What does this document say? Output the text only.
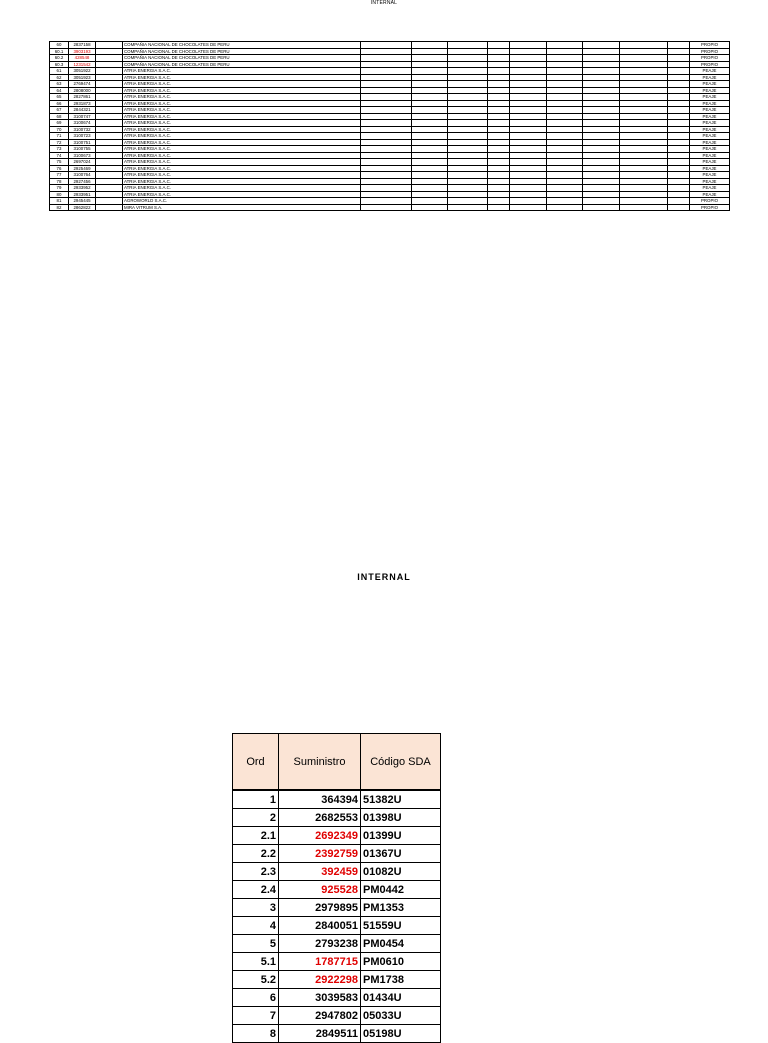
INTERNAL
60	2837158		COMPAÑIA NACIONAL DE CHOCOLATES DE PERU										PROPIO
60.1	3903193		COMPAÑIA NACIONAL DE CHOCOLATES DE PERU										PROPIO
60.2	428548		COMPAÑIA NACIONAL DE CHOCOLATES DE PERU										PROPIO
60.3	1231542		COMPAÑIA NACIONAL DE CHOCOLATES DE PERU										PROPIO
61	3051922		ATRIA ENERGIA S.A.C.										PEAJE
62	3051923		ATRIA ENERGIA S.A.C.										PEAJE
63	2769474		ATRIA ENERGIA S.A.C.										PEAJE
64	2808000		ATRIA ENERGIA S.A.C.										PEAJE
65	2827861		ATRIA ENERGIA S.A.C.										PEAJE
66	2931873		ATRIA ENERGIA S.A.C.										PEAJE
67	2844321		ATRIA ENERGIA S.A.C.										PEAJE
68	3100747		ATRIA ENERGIA S.A.C.										PEAJE
69	3100674		ATRIA ENERGIA S.A.C.										PEAJE
70	3100732		ATRIA ENERGIA S.A.C.										PEAJE
71	3100723		ATRIA ENERGIA S.A.C.										PEAJE
72	3100751		ATRIA ENERGIA S.A.C.										PEAJE
73	3100755		ATRIA ENERGIA S.A.C.										PEAJE
74	3100673		ATRIA ENERGIA S.A.C.										PEAJE
75	2697024		ATRIA ENERGIA S.A.C.										PEAJE
76	2925469		ATRIA ENERGIA S.A.C.										PEAJE
77	3100764		ATRIA ENERGIA S.A.C.										PEAJE
78	2927456		ATRIA ENERGIA S.A.C.										PEAJE
79	2933952		ATRIA ENERGIA S.A.C.										PEAJE
80	2933951		ATRIA ENERGIA S.A.C.										PEAJE
81	2945445		AGROWORLD S.A.C.										PROPIO
82	2862822		MIRA VITRUM S.A.										PROPIO
INTERNAL
Ord	Suministro	Código SDA
1	364394	51382U
2	2682553	01398U
2.1	2692349	01399U
2.2	2392759	01367U
2.3	392459	01082U
2.4	925528	PM0442
3	2979895	PM1353
4	2840051	51559U
5	2793238	PM0454
5.1	1787715	PM0610
5.2	2922298	PM1738
6	3039583	01434U
7	2947802	05033U
8	2849511	05198U
